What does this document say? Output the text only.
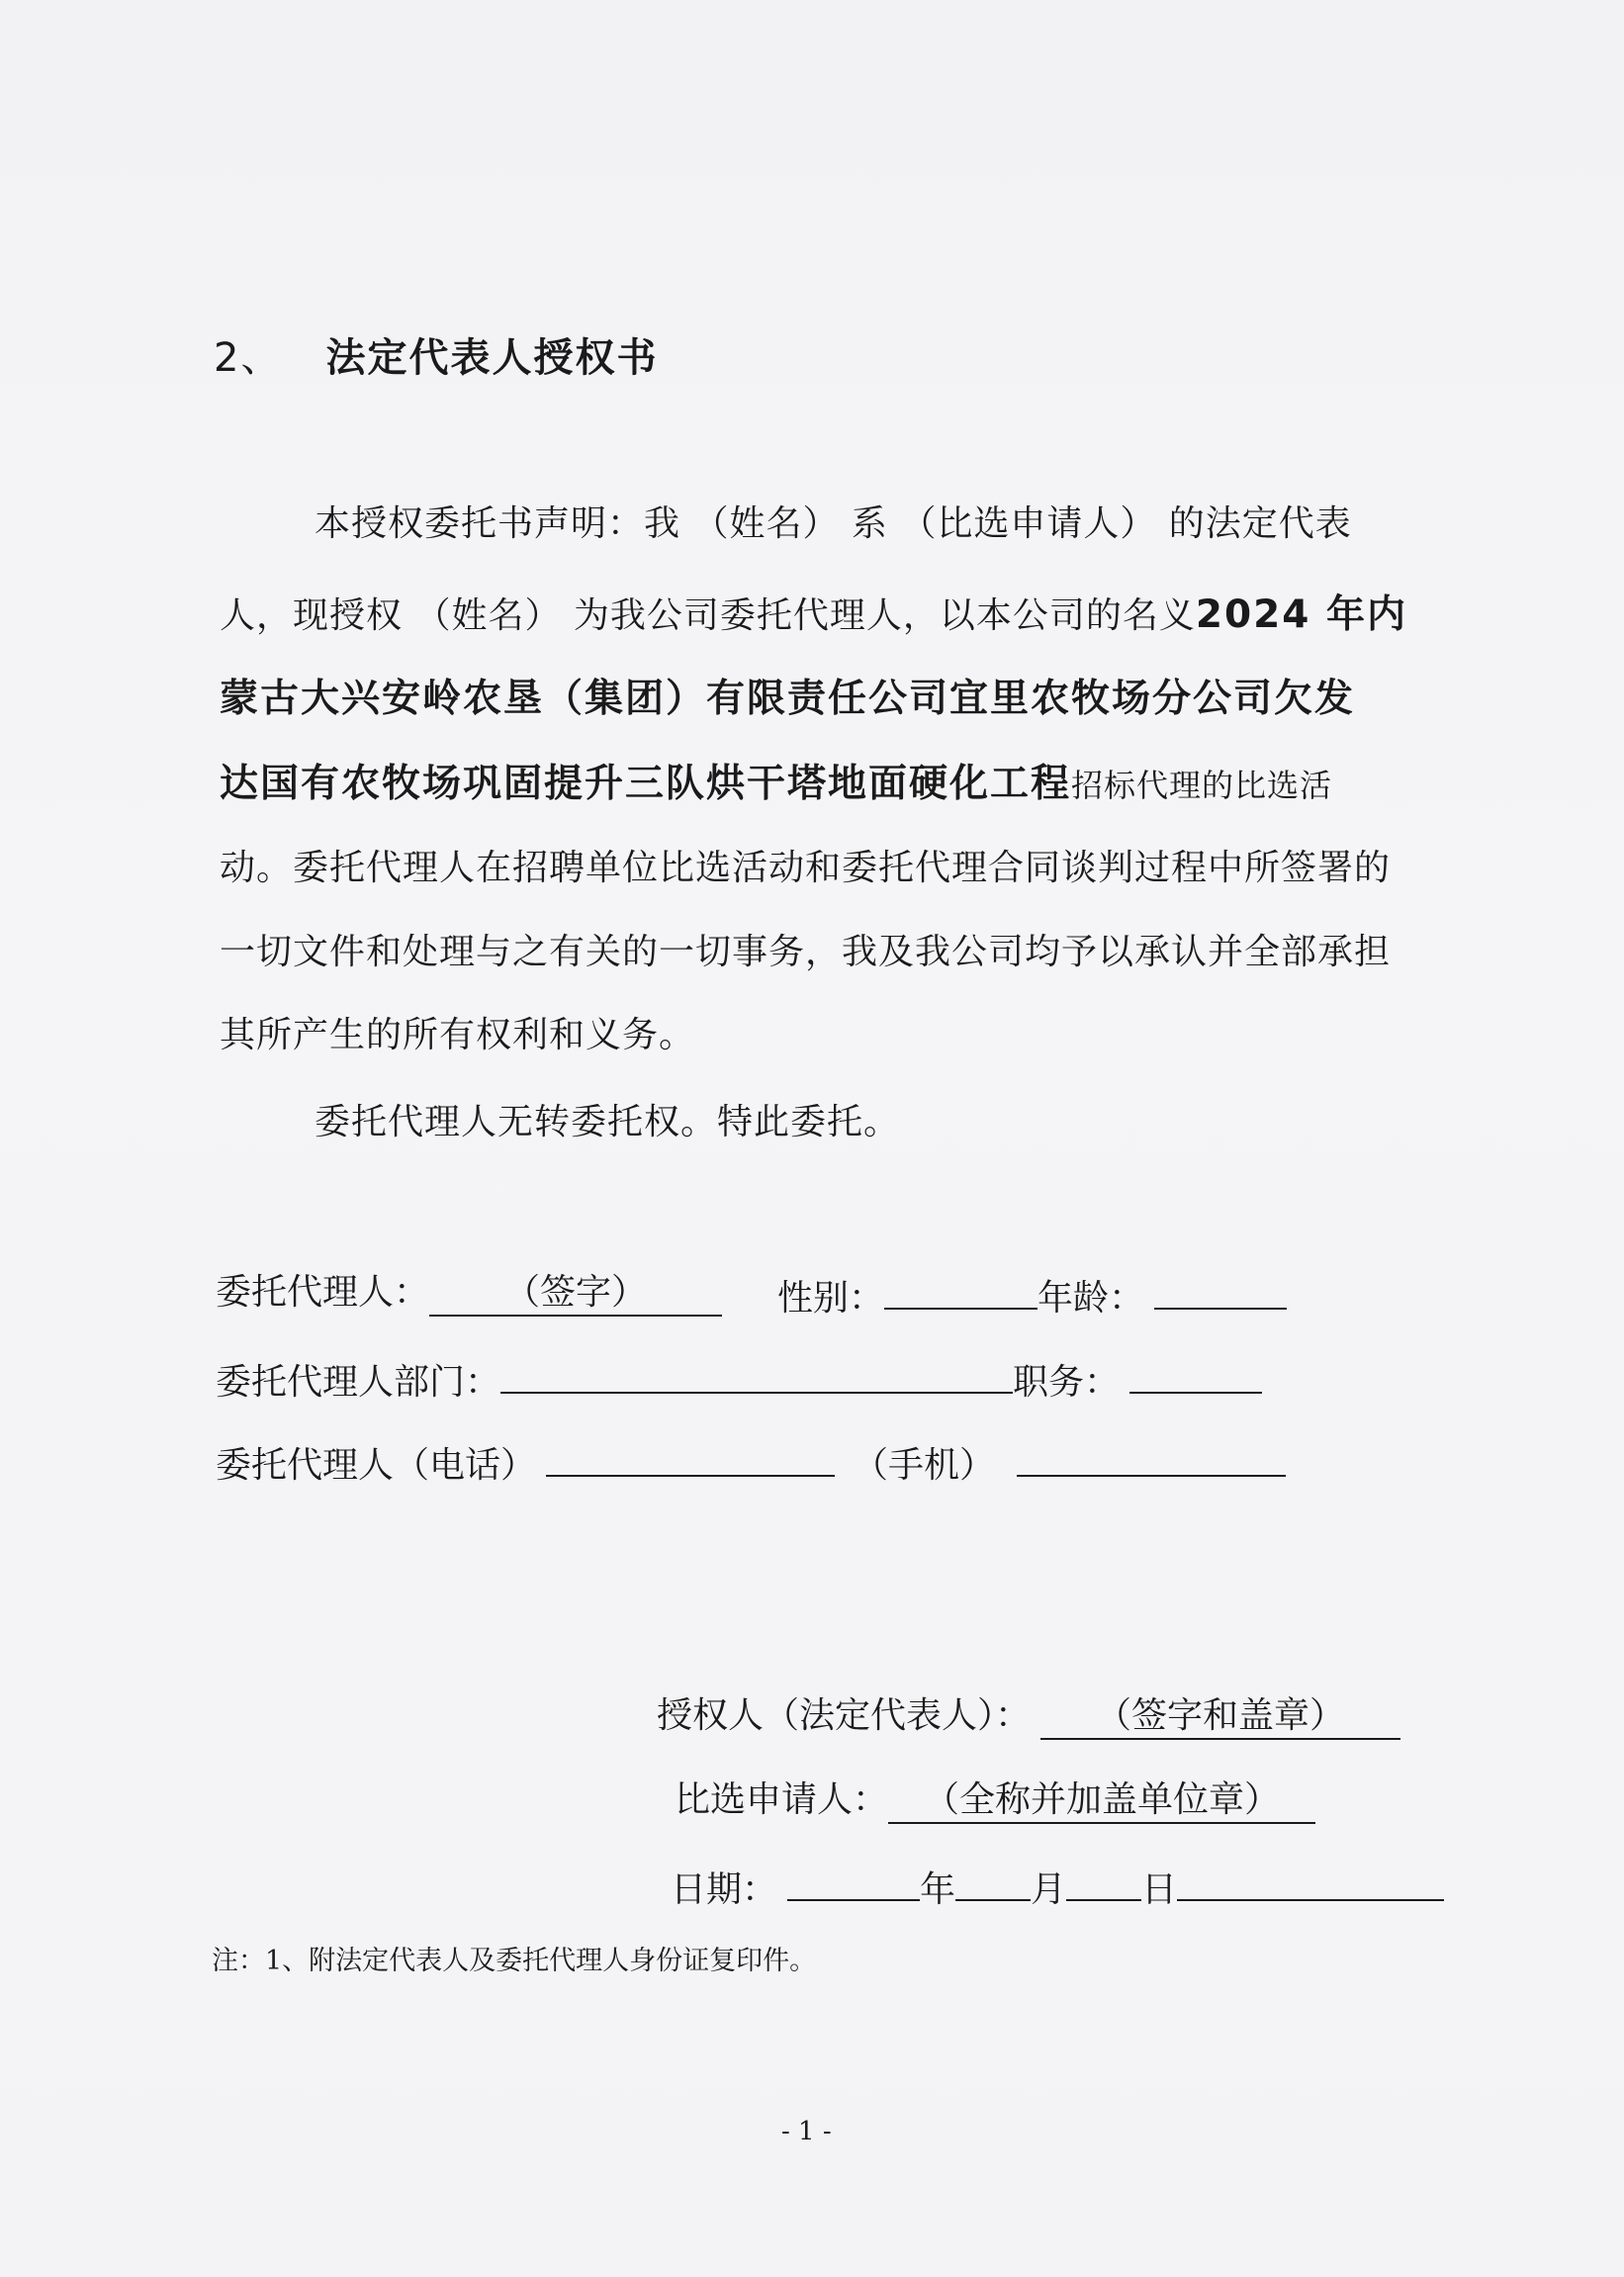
2、 法定代表人授权书
本授权委托书声明：我 （姓名） 系 （比选申请人） 的法定代表
人，现授权 （姓名） 为我公司委托代理人，以本公司的名义2024 年内
蒙古大兴安岭农垦（集团）有限责任公司宜里农牧场分公司欠发
达国有农牧场巩固提升三队烘干塔地面硬化工程招标代理的比选活
动。委托代理人在招聘单位比选活动和委托代理合同谈判过程中所签署的
一切文件和处理与之有关的一切事务，我及我公司均予以承认并全部承担
其所产生的所有权利和义务。
委托代理人无转委托权。特此委托。
委托代理人： （签字）	性别：	年龄：
委托代理人部门：	职务：
委托代理人（电话）	（手机）
授权人（法定代表人）： （签字和盖章）
比选申请人： （全称并加盖单位章）
日期：	年 月 日
注：1、附法定代表人及委托代理人身份证复印件。
- 1 -
